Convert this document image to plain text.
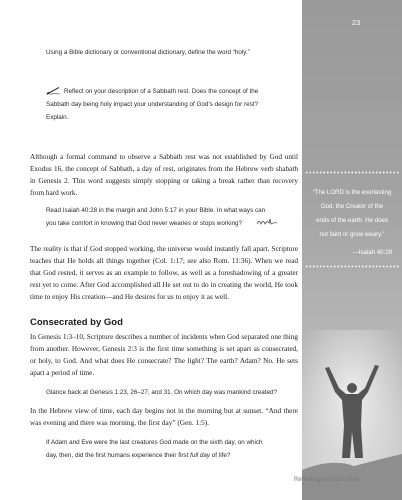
23
“The LORD is the everlasting
God, the Creator of the
ends of the earth. He does
not faint or grow weary.”
—Isaiah 40:28
Using a Bible dictionary or conventional dictionary, define the word “holy.”
Reflect on your description of a Sabbath rest. Does the concept of the
Sabbath day being holy impact your understanding of God’s design for rest?
Explain.

Although a formal command to observe a Sabbath rest was not established by God until Exodus 16, the concept of Sabbath, a day of rest, originates from the Hebrew verb shabath in Genesis 2. This word suggests simply stopping or taking a break rather than recovery from hard work.

Read Isaiah 40:28 in the margin and John 5:17 in your Bible. In what ways can
you take comfort in knowing that God never wearies or stops working?

The reality is that if God stopped working, the universe would instantly fall apart. Scripture teaches that He holds all things together (Col. 1:17; see also Rom. 11:36). When we read that God rested, it serves as an example to follow, as well as a foreshadowing of a greater rest yet to come. After God accomplished all He set out to do in creating the world, He took time to enjoy His creation—and He desires for us to enjoy it as well.

Consecrated by God

In Genesis 1:3–10, Scripture describes a number of incidents when God separated one thing from another. However, Genesis 2:3 is the first time something is set apart as consecrated, or holy, to God. And what does He consecrate? The light? The earth? Adam? No. He sets apart a period of time.

Glance back at Genesis 1:23, 26–27, and 31. On which day was mankind created?

In the Hebrew view of time, each day begins not in the morning but at sunset. “And there was evening and there was morning, the first day” (Gen. 1:5).

If Adam and Eve were the last creatures God made on the sixth day, on which
day, then, did the first humans experience their first full day of life?
Reflecting on God’s Risk
